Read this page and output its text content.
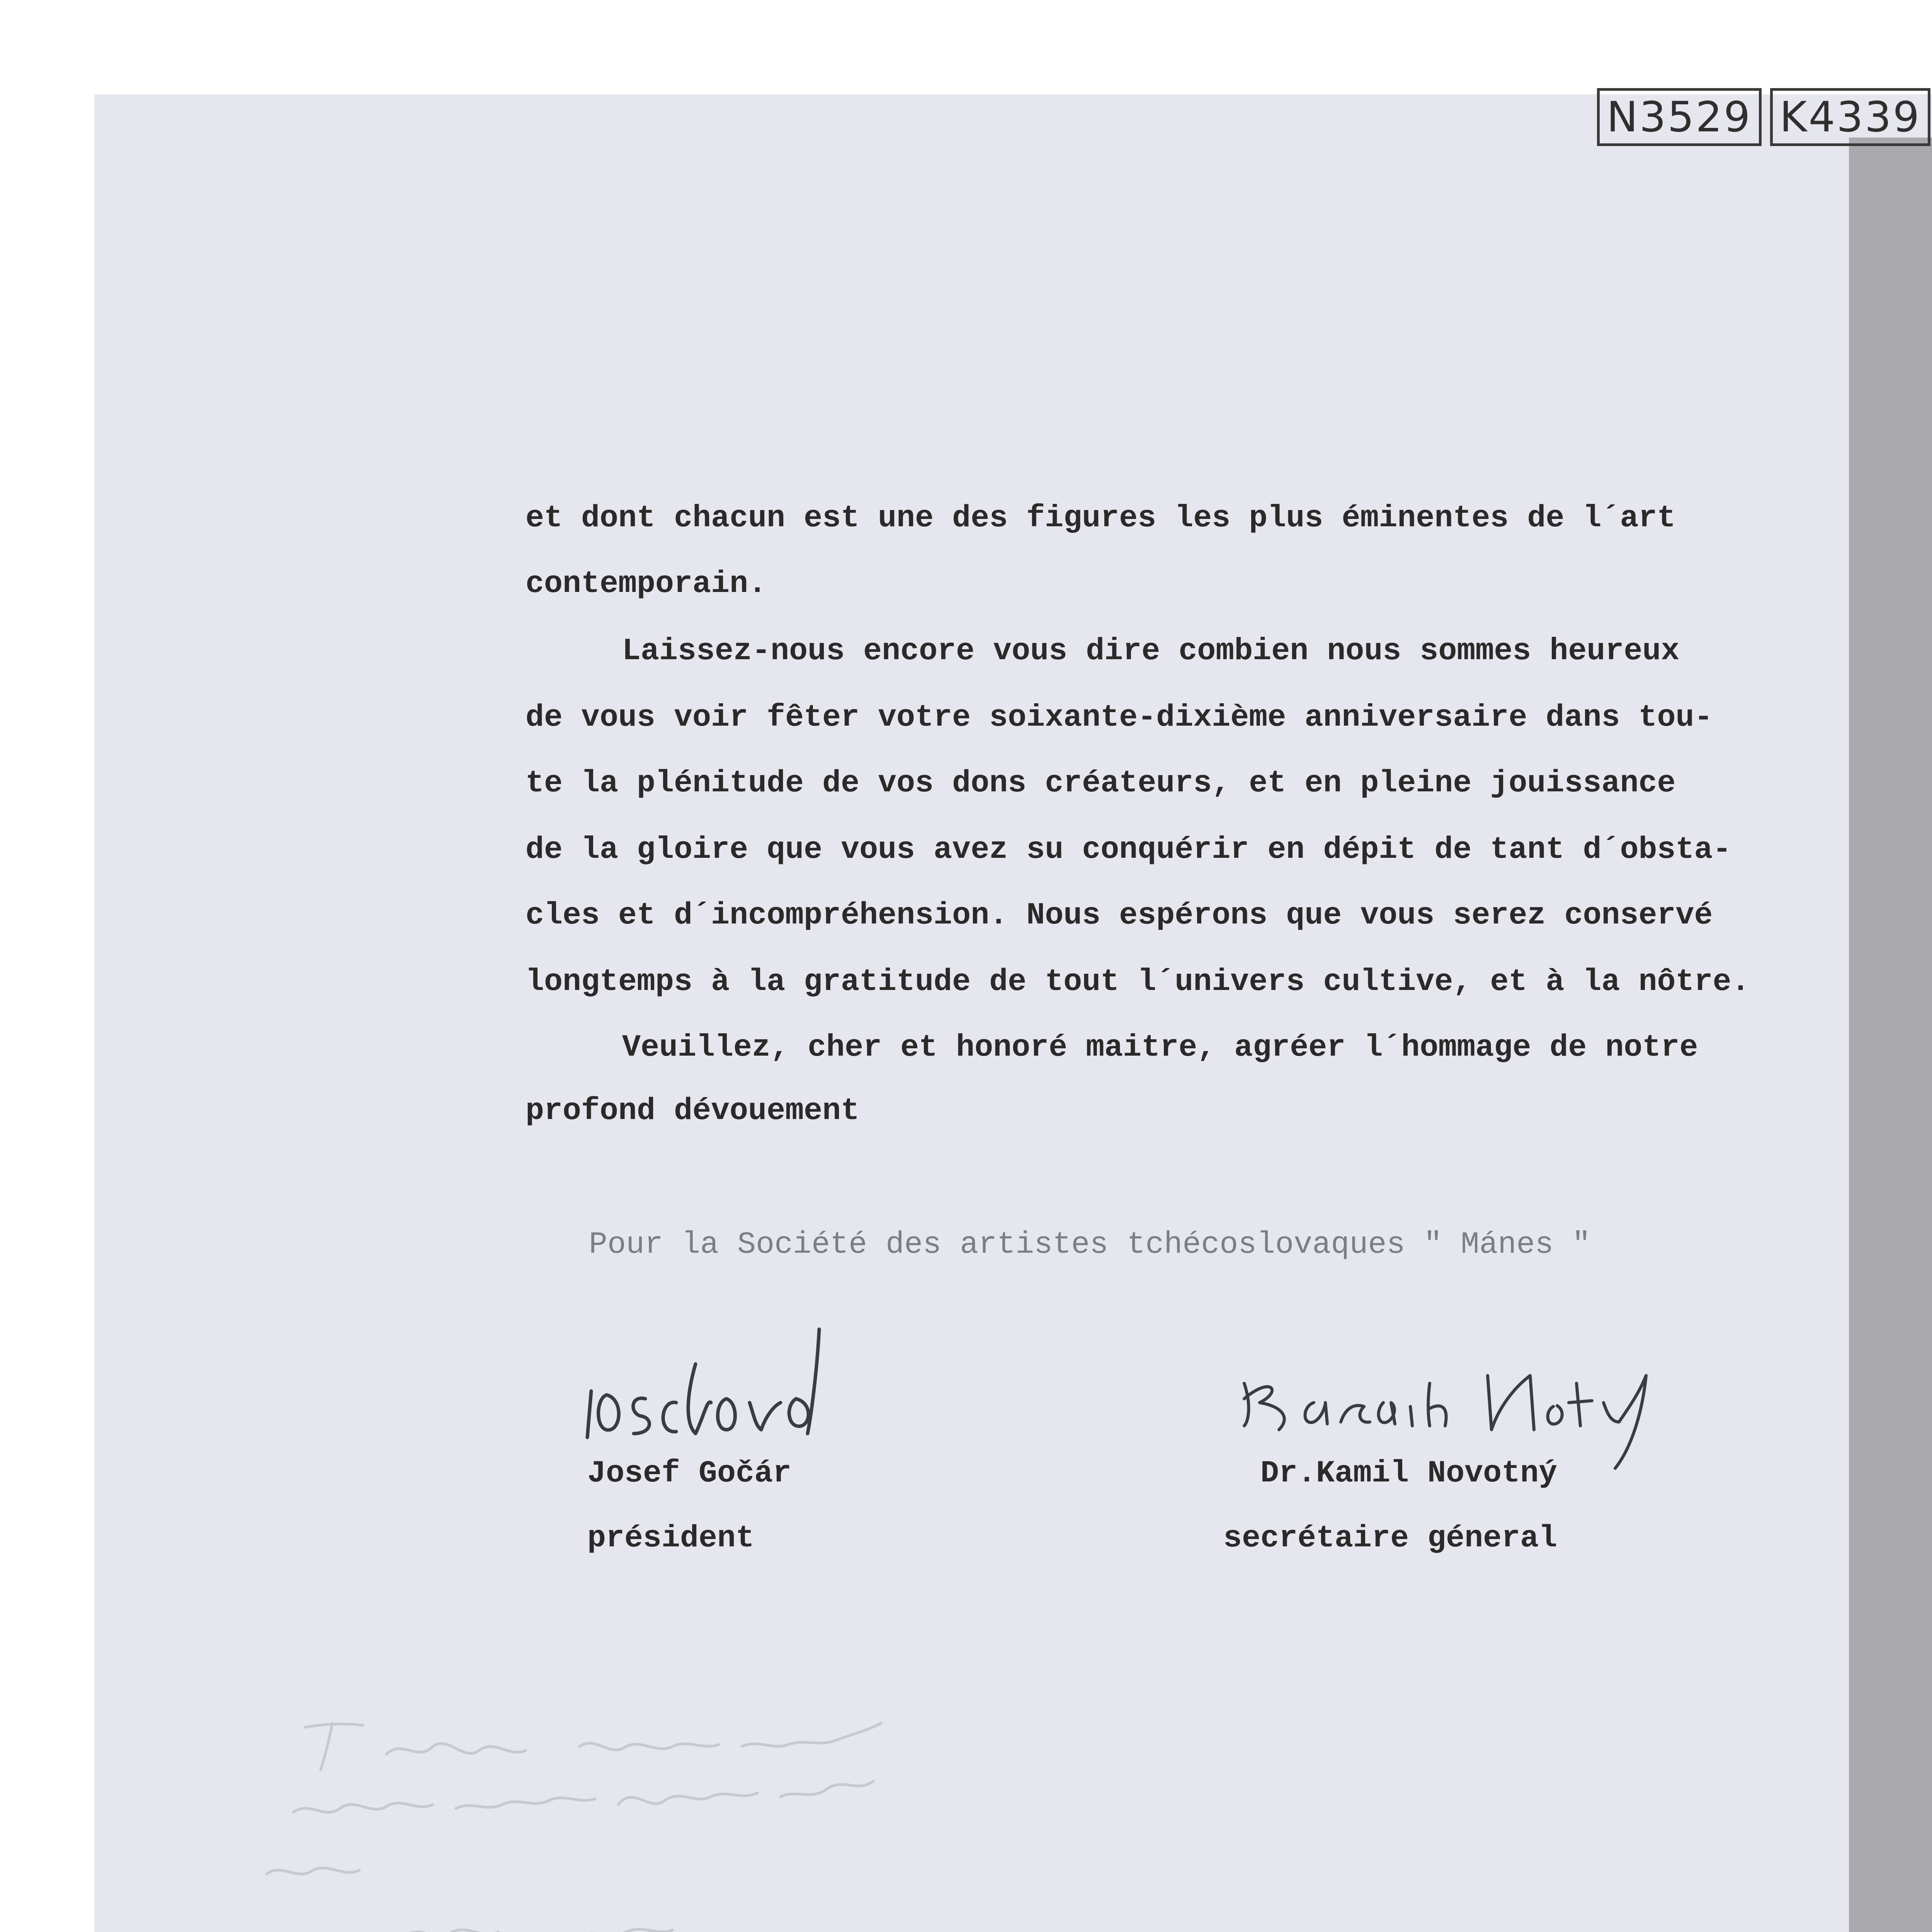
N3529 K4339

et dont chacun est une des figures les plus éminentes de l´art

contemporain.

Laissez-nous encore vous dire combien nous sommes heureux

de vous voir fêter votre soixante-dixième anniversaire dans tou-

te la plénitude de vos dons créateurs, et en pleine jouissance

de la gloire que vous avez su conquérir en dépit de tant d´obsta-

cles et d´incompréhension. Nous espérons que vous serez conservé

longtemps à la gratitude de tout l´univers cultive, et à la nôtre.

Veuillez, cher et honoré maitre, agréer l´hommage de notre

profond dévouement

Pour la Société des artistes tchécoslovaques " Mánes "

Josef Gočár

président

Dr.Kamil Novotný

secrétaire géneral
